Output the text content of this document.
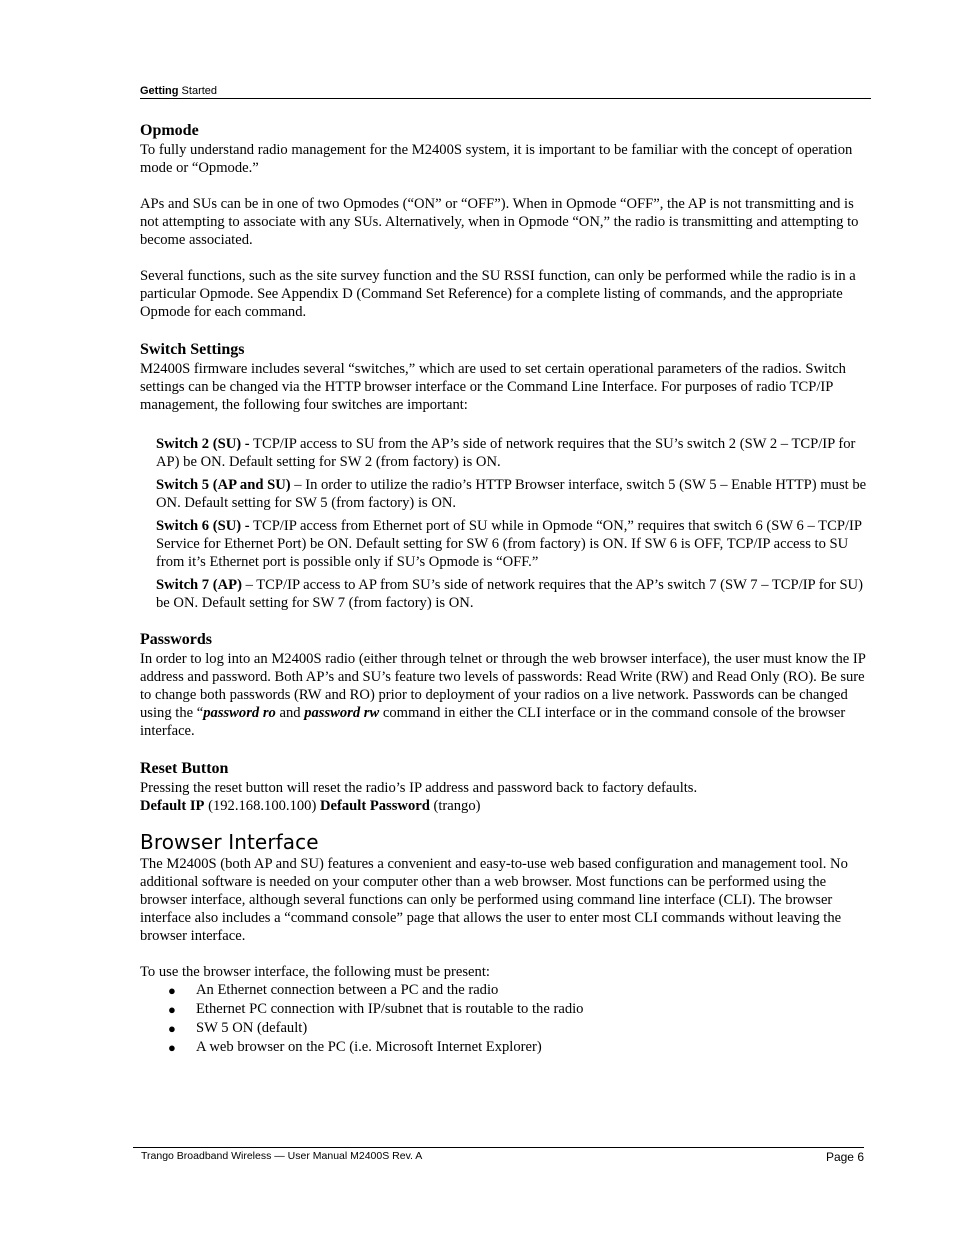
Getting Started
Opmode

To fully understand radio management for the M2400S system, it is important to be familiar with the concept of operation mode or “Opmode.”

APs and SUs can be in one of two Opmodes (“ON” or “OFF”). When in Opmode “OFF”, the AP is not transmitting and is not attempting to associate with any SUs. Alternatively, when in Opmode “ON,” the radio is transmitting and attempting to become associated.

Several functions, such as the site survey function and the SU RSSI function, can only be performed while the radio is in a particular Opmode. See Appendix D (Command Set Reference) for a complete listing of commands, and the appropriate Opmode for each command.

Switch Settings

M2400S firmware includes several “switches,” which are used to set certain operational parameters of the radios. Switch settings can be changed via the HTTP browser interface or the Command Line Interface. For purposes of radio TCP/IP management, the following four switches are important:

Switch 2 (SU) - TCP/IP access to SU from the AP’s side of network requires that the SU’s switch 2 (SW 2 – TCP/IP for AP) be ON. Default setting for SW 2 (from factory) is ON.

Switch 5 (AP and SU) – In order to utilize the radio’s HTTP Browser interface, switch 5 (SW 5 – Enable HTTP) must be ON. Default setting for SW 5 (from factory) is ON.

Switch 6 (SU) - TCP/IP access from Ethernet port of SU while in Opmode “ON,” requires that switch 6 (SW 6 – TCP/IP Service for Ethernet Port) be ON. Default setting for SW 6 (from factory) is ON. If SW 6 is OFF, TCP/IP access to SU from it’s Ethernet port is possible only if SU’s Opmode is “OFF.”

Switch 7 (AP) – TCP/IP access to AP from SU’s side of network requires that the AP’s switch 7 (SW 7 – TCP/IP for SU) be ON. Default setting for SW 7 (from factory) is ON.

Passwords

In order to log into an M2400S radio (either through telnet or through the web browser interface), the user must know the IP address and password. Both AP’s and SU’s feature two levels of passwords: Read Write (RW) and Read Only (RO). Be sure to change both passwords (RW and RO) prior to deployment of your radios on a live network. Passwords can be changed using the “password ro and password rw command in either the CLI interface or in the command console of the browser interface.

Reset Button

Pressing the reset button will reset the radio’s IP address and password back to factory defaults.

Default IP (192.168.100.100) Default Password (trango)

Browser Interface

The M2400S (both AP and SU) features a convenient and easy-to-use web based configuration and management tool. No additional software is needed on your computer other than a web browser. Most functions can be performed using the browser interface, although several functions can only be performed using command line interface (CLI). The browser interface also includes a “command console” page that allows the user to enter most CLI commands without leaving the browser interface.

To use the browser interface, the following must be present:

● An Ethernet connection between a PC and the radio
● Ethernet PC connection with IP/subnet that is routable to the radio
● SW 5 ON (default)
● A web browser on the PC (i.e. Microsoft Internet Explorer)
Trango Broadband Wireless — User Manual M2400S Rev. A	Page 6
